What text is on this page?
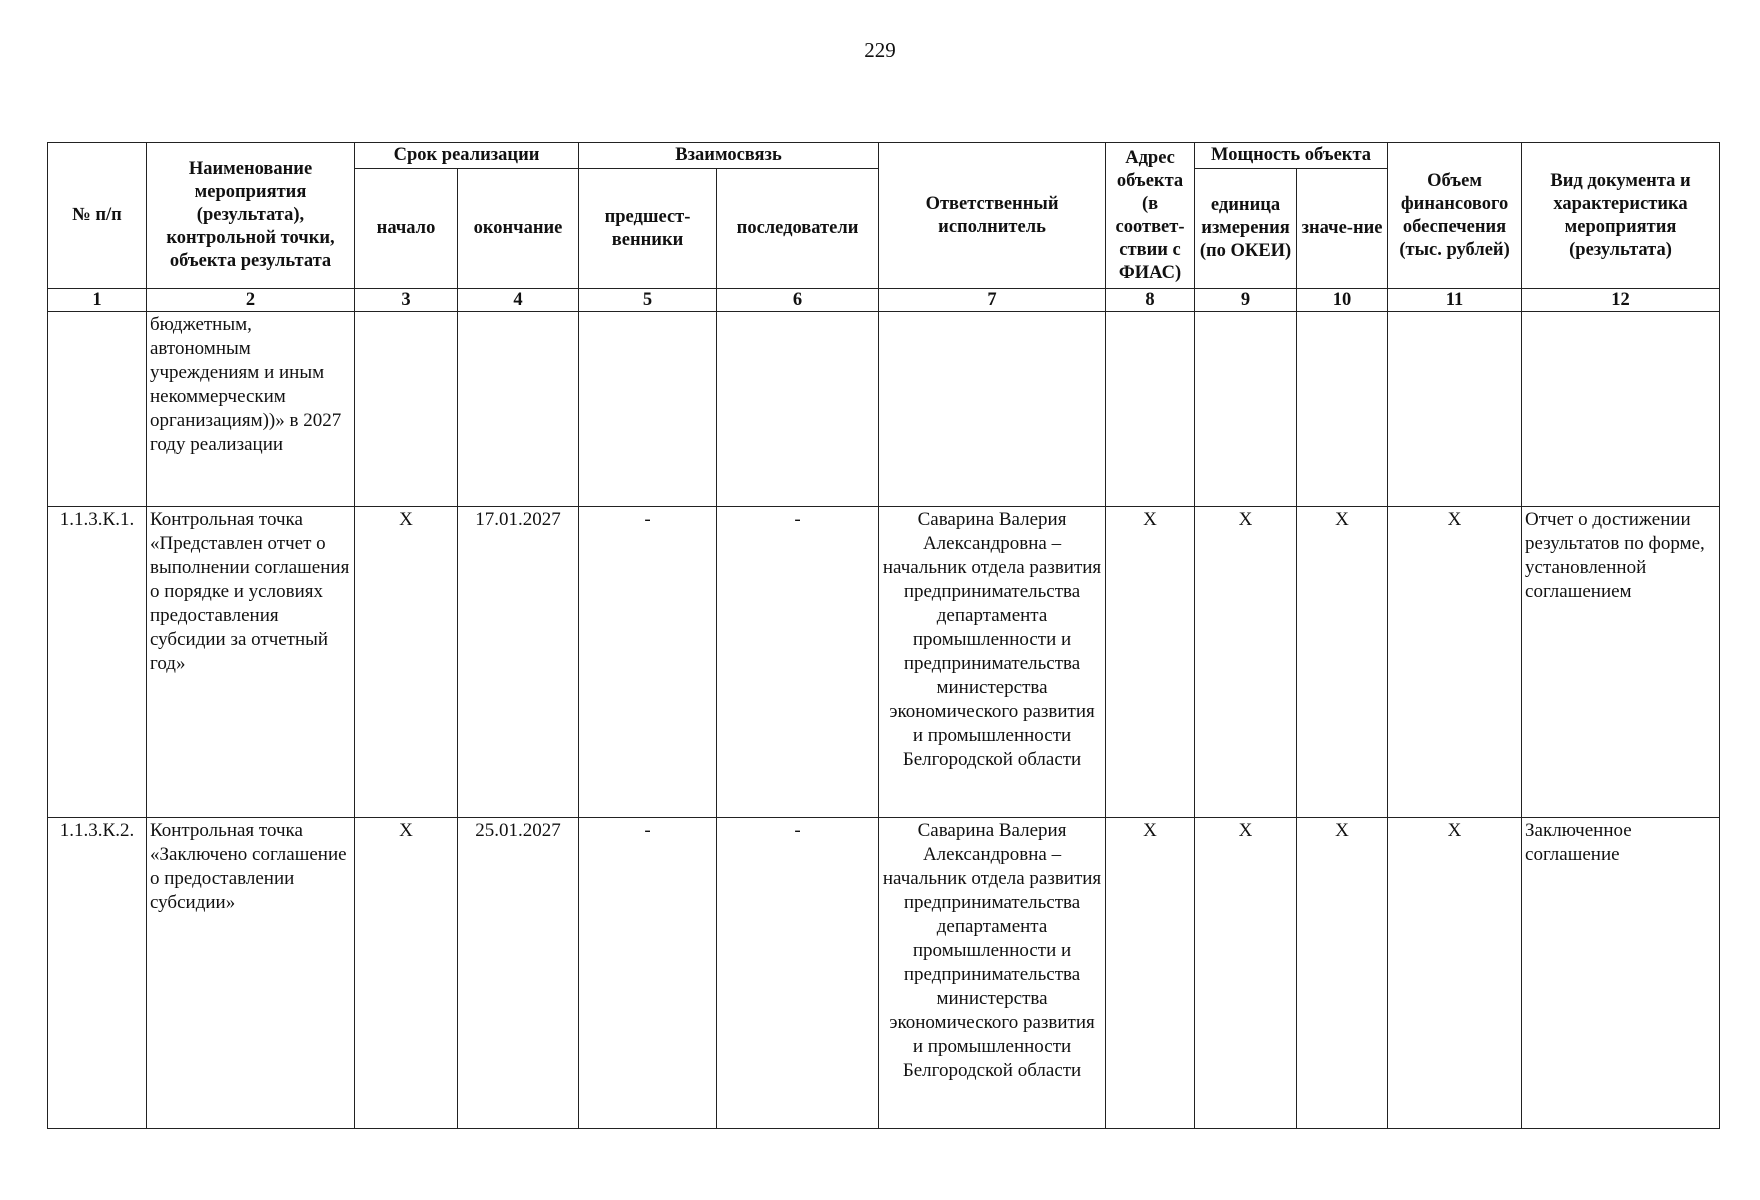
229
№ п/п	Наименование мероприятия (результата), контрольной точки, объекта результата	Срок реализации		Взаимосвязь		Ответственный исполнитель	Адрес объекта (в соответ-ствии с ФИАС)	Мощность объекта		Объем финансового обеспечения (тыс. рублей)	Вид документа и характеристика мероприятия (результата)
		начало	окончание	предшест-венники	последователи			единица измерения (по ОКЕИ)	значе-ние		
1	2	3	4	5	6	7	8	9	10	11	12
	бюджетным, автономным учреждениям и иным некоммерческим организациям))» в 2027 году реализации										
1.1.3.К.1.	Контрольная точка «Представлен отчет о выполнении соглашения о порядке и условиях предоставления субсидии за отчетный год»	X	17.01.2027	-	-	Саварина Валерия Александровна – начальник отдела развития предпринимательства департамента промышленности и предпринимательства министерства экономического развития и промышленности Белгородской области	X	X	X	X	Отчет о достижении результатов по форме, установленной соглашением
1.1.3.К.2.	Контрольная точка «Заключено соглашение о предоставлении субсидии»	X	25.01.2027	-	-	Саварина Валерия Александровна – начальник отдела развития предпринимательства департамента промышленности и предпринимательства министерства экономического развития и промышленности Белгородской области	X	X	X	X	Заключенное соглашение
